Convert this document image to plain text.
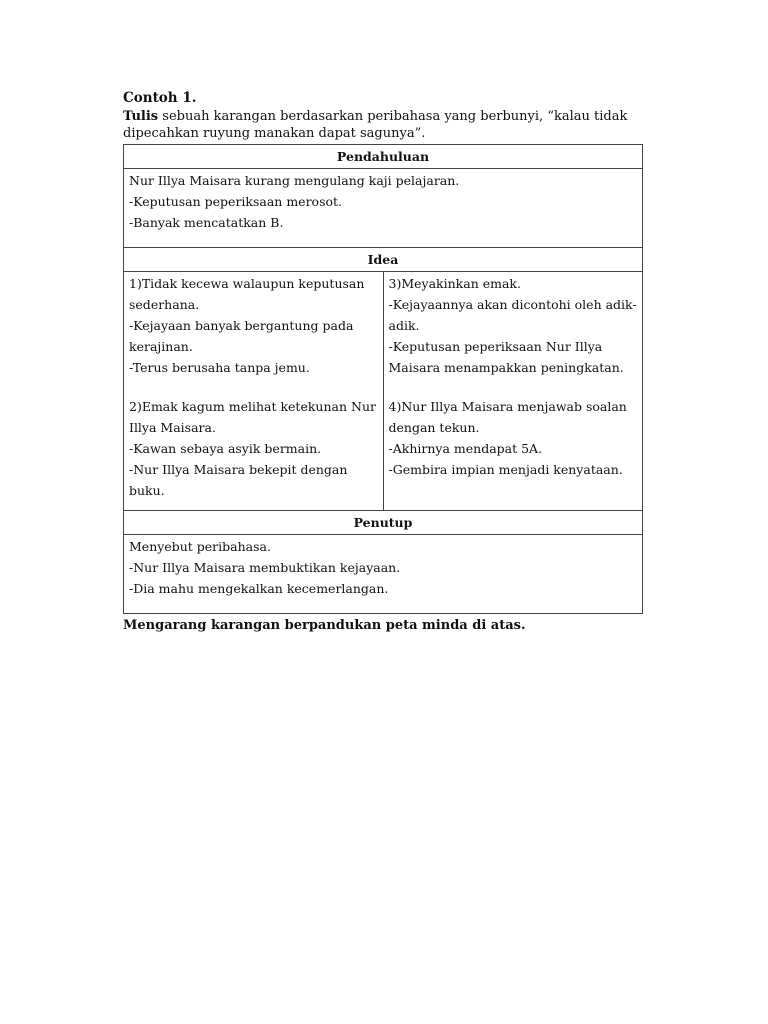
Contoh 1.

Tulis sebuah karangan berdasarkan peribahasa yang berbunyi, “kalau tidak dipecahkan ruyung manakan dapat sagunya”.

Pendahuluan

Nur Illya Maisara kurang mengulang kaji pelajaran.
-Keputusan peperiksaan merosot.
-Banyak mencatatkan B.

Idea

1)Tidak kecewa walaupun keputusan sederhana.
-Kejayaan banyak bergantung pada kerajinan.
-Terus berusaha tanpa jemu.
2)Emak kagum melihat ketekunan Nur Illya Maisara.
-Kawan sebaya asyik bermain.
-Nur Illya Maisara bekepit dengan buku.

3)Meyakinkan emak.
-Kejayaannya akan dicontohi oleh adik-adik.
-Keputusan peperiksaan Nur Illya Maisara menampakkan peningkatan.
4)Nur Illya Maisara menjawab soalan dengan tekun.
-Akhirnya mendapat 5A.
-Gembira impian menjadi kenyataan.

Penutup

Menyebut peribahasa.
-Nur Illya Maisara membuktikan kejayaan.
-Dia mahu mengekalkan kecemerlangan.

Mengarang karangan berpandukan peta minda di atas.
